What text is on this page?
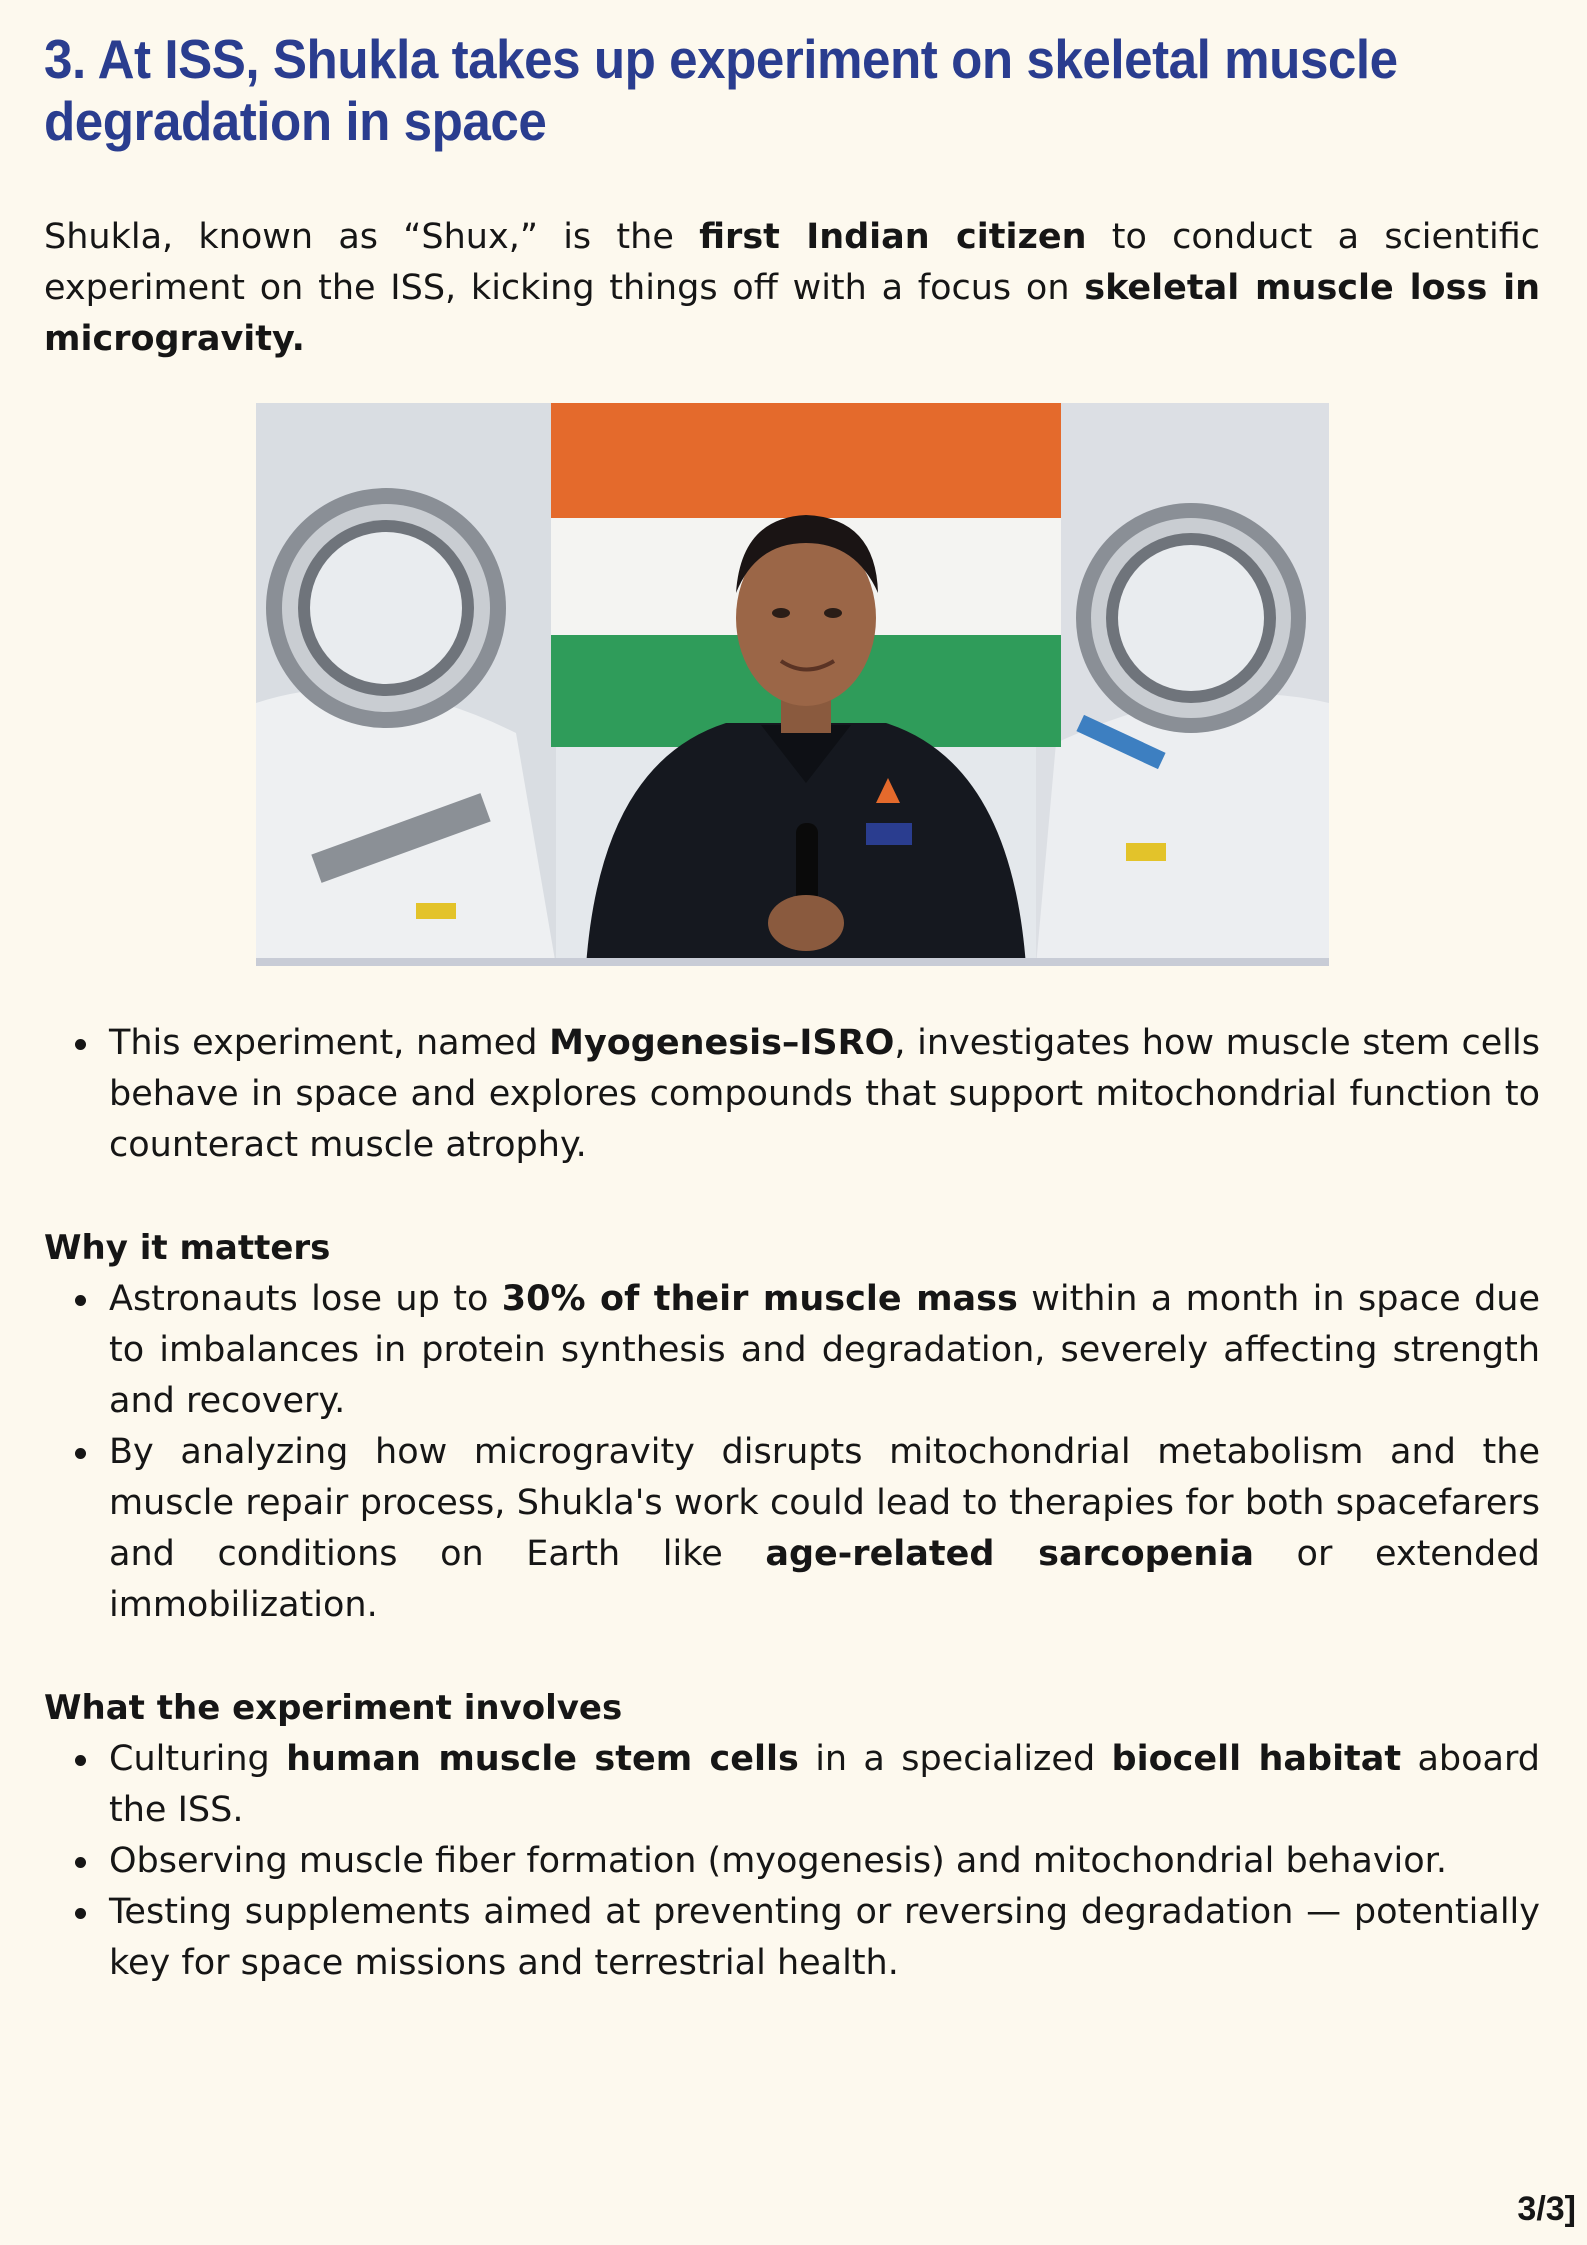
3. At ISS, Shukla takes up experiment on skeletal muscle degradation in space

Shukla, known as “Shux,” is the first Indian citizen to conduct a scientific experiment on the ISS, kicking things off with a focus on skeletal muscle loss in microgravity.

This experiment, named Myogenesis–ISRO, investigates how muscle stem cells behave in space and explores compounds that support mitochondrial function to counteract muscle atrophy.
Why it matters
Astronauts lose up to 30% of their muscle mass within a month in space due to imbalances in protein synthesis and degradation, severely affecting strength and recovery.
By analyzing how microgravity disrupts mitochondrial metabolism and the muscle repair process, Shukla's work could lead to therapies for both spacefarers and conditions on Earth like age-related sarcopenia or extended immobilization.
What the experiment involves
Culturing human muscle stem cells in a specialized biocell habitat aboard the ISS.
Observing muscle fiber formation (myogenesis) and mitochondrial behavior.
Testing supplements aimed at preventing or reversing degradation — potentially key for space missions and terrestrial health.
3/3]
